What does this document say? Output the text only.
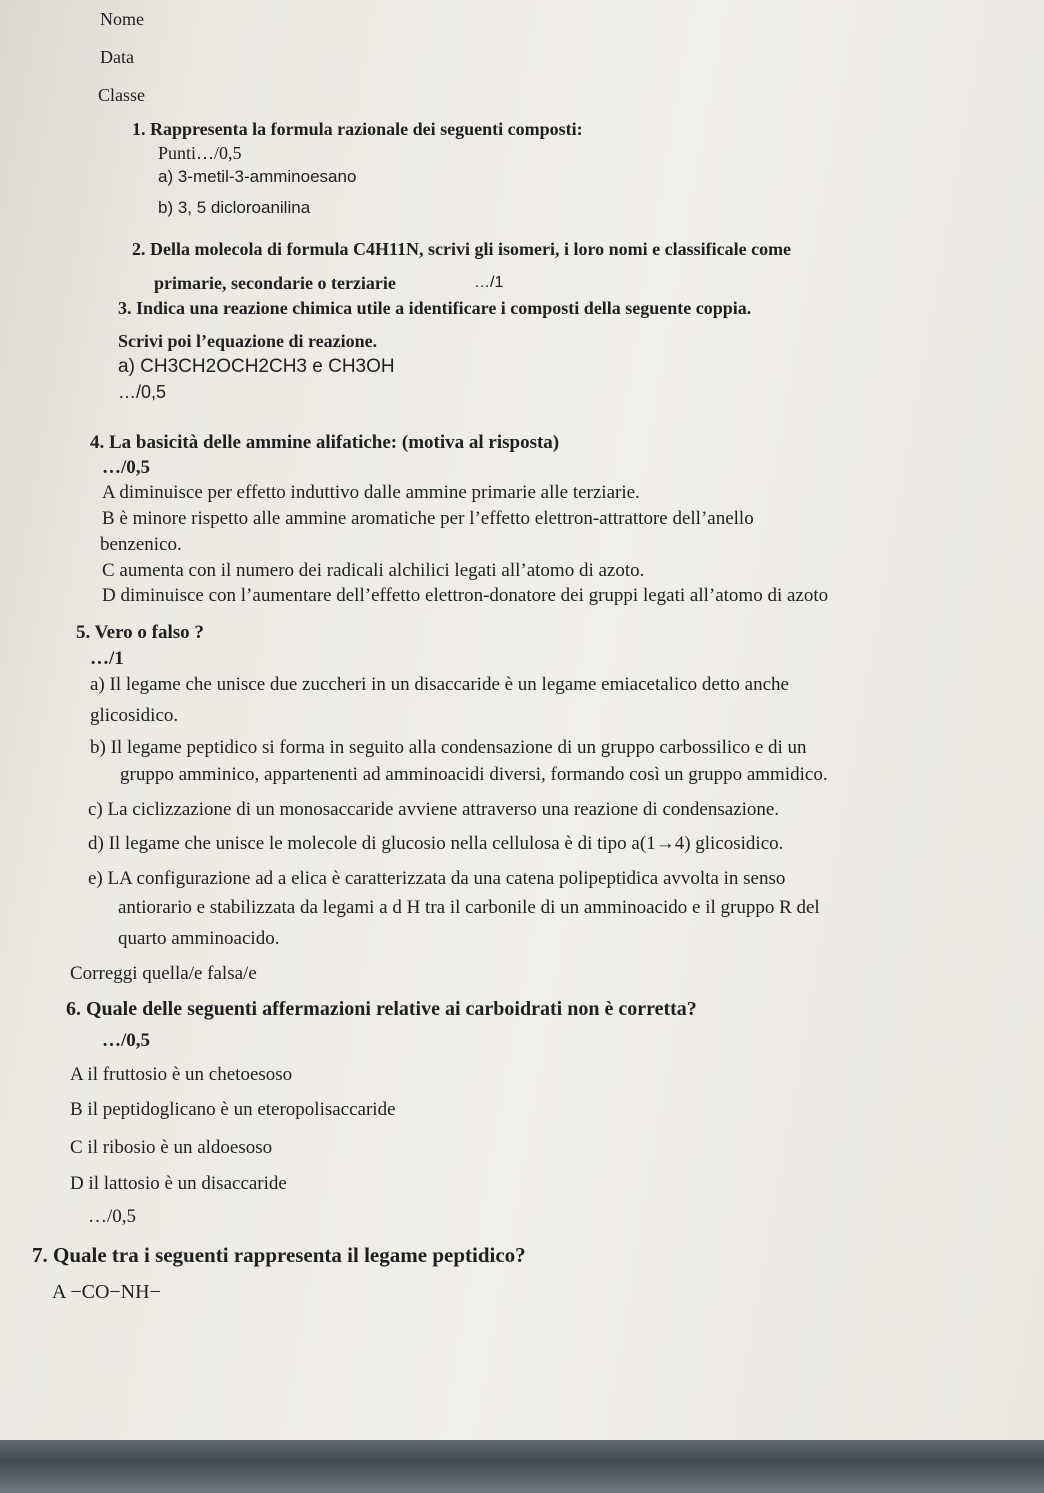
Nome
Data
Classe
1. Rappresenta la formula razionale dei seguenti composti:
Punti…/0,5
a) 3-metil-3-amminoesano
b) 3, 5 dicloroanilina
2. Della molecola di formula C4H11N, scrivi gli isomeri, i loro nomi e classificale come
primarie, secondarie o terziarie	…/1
3. Indica una reazione chimica utile a identificare i composti della seguente coppia.
Scrivi poi l’equazione di reazione.
a) CH3CH2OCH2CH3 e CH3OH
…/0,5
4. La basicità delle ammine alifatiche: (motiva al risposta)
…/0,5
A diminuisce per effetto induttivo dalle ammine primarie alle terziarie.
B è minore rispetto alle ammine aromatiche per l’effetto elettron-attrattore dell’anello
benzenico.
C aumenta con il numero dei radicali alchilici legati all’atomo di azoto.
D diminuisce con l’aumentare dell’effetto elettron-donatore dei gruppi legati all’atomo di azoto
5. Vero o falso ?
…/1
a) Il legame che unisce due zuccheri in un disaccaride è un legame emiacetalico detto anche
glicosidico.
b) Il legame peptidico si forma in seguito alla condensazione di un gruppo carbossilico e di un
gruppo amminico, appartenenti ad amminoacidi diversi, formando così un gruppo ammidico.
c) La ciclizzazione di un monosaccaride avviene attraverso una reazione di condensazione.
d) Il legame che unisce le molecole di glucosio nella cellulosa è di tipo a(1→4) glicosidico.
e) LA configurazione ad a elica è caratterizzata da una catena polipeptidica avvolta in senso
antiorario e stabilizzata da legami a d H tra il carbonile di un amminoacido e il gruppo R del
quarto amminoacido.
Correggi quella/e falsa/e
6. Quale delle seguenti affermazioni relative ai carboidrati non è corretta?
…/0,5
A il fruttosio è un chetoesoso
B il peptidoglicano è un eteropolisaccaride
C il ribosio è un aldoesoso
D il lattosio è un disaccaride
…/0,5
7. Quale tra i seguenti rappresenta il legame peptidico?
A −CO−NH−
